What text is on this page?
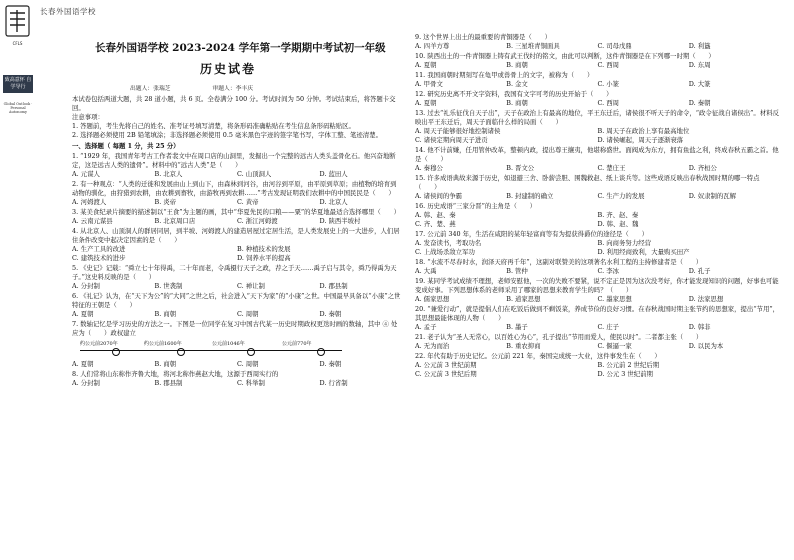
CFLS
致高意怀 自学导行
Global Outlook · Personal Autonomy
长春外国语学校
长春外国语学校 2023-2024 学年第一学期期中考试初一年级
历史试卷
出题人：张瑞芝	审题人：李丰庆

本试卷包括两道大题，共 28 道小题，共 6 页。全卷满分 100 分。考试时间为 50 分钟。考试结束后，将答题卡交回。

注意事项：

1. 答题前，考生先将自己的姓名、准考证号填写清楚，将条形码准确粘贴在考生信息条形码粘贴区。

2. 选择题必须使用 2B 铅笔填涂；非选择题必须使用 0.5 毫米黑色字迹的签字笔书写，字体工整、笔迹清楚。

一、选择题（ 每题 1 分，共 25 分）

1. “1929 年，我国青年考古工作者裴文中在周口店的山洞里，发掘出一个完整的远古人类头盖骨化石。他兴奋地断定，这是远古人类的遗骨”。材料中的“远古人类”是（　　）

A. 元谋人	B. 北京人	C. 山顶洞人	D. 蓝田人

2. 有一种观点：“人类的迁徙和发展由山上到山下，由森林到河谷，由河谷到平原，由平原到草原；由植物的培育到动物的驯化，由狩猎到农耕，由农耕到畜牧，由游牧再到农耕……”考古发现证明我们农耕中的中国民民是（　　）

A. 河姆渡人	B. 炎帝	C. 黄帝	D. 北京人

3. 某美食纪录片摘要的描述制以“王食”为主题的画，其中“华夏先民的口粮——粟”的华夏地最适合选择哪里（　　）

A. 云南元谋县	B. 北京周口店	C. 浙江河姆渡	D. 陕西半坡村

4. 从北京人、山顶洞人的群居同居，到半坡、河姆渡人的建造居屋过定居生活，是人类发展史上的一大进步，人们居住条件改变中起决定因素的是（　　）

A. 生产工具的改进	B. 种植技术的发展
C. 建筑技术的进步	D. 饲养水平的提高

5. 《史记》记载：“舜立七十年得禹，二十年而老，令禹摄行天子之政，荐之于天……禹子启与其令，舜乃得禹为天子。”这史料反映的是（　　）

A. 分封制	B. 世袭制	C. 禅让制	D. 郡县制

6. 《礼记》认为，在“天下为公”的“大同”之世之后，社会进入“天下为家”的“小康”之世。中国最早具备以“小康”之世特征的王朝是（　　）

A. 夏朝	B. 商朝	C. 周朝	D. 秦朝

7. 数轴记忆是学习历史的方法之一。下图是一位同学在复习中国古代某一历史时期政权更迭时画的数轴，其中 ④ 处应为（　　）政权建立

约公元前2070年	约公元前1600年	公元前1046年	公元前770年
A. 夏朝	B. 商朝	C. 周朝	D. 秦朝

8. 人们常将山东称作齐鲁大地，将河北称作燕赵大地，这源于西周实行的

A. 分封制	B. 郡县制	C. 科举制	D. 行省制

9. 这个世界上出土的最重要的青铜器是（　　）

A. 四羊方尊	B. 三星堆青铜面具	C. 司母戊鼎	D. 利簋

10. 陕西出土的一件青铜器上铸有武王伐纣的铭文，由此可以判断，这件青铜器是在下列哪一时期（　　）

A. 夏朝	B. 商朝	C. 西周	D. 东周

11. 我国商朝时期刻写在龟甲或兽骨上的文字，被称为（　　）

A. 甲骨文	B. 金文	C. 小篆	D. 大篆

12. 研究历史离不开文字资料，我国有文字可考的历史开始于（　　）

A. 夏朝	B. 商朝	C. 西周	D. 秦朝

13. 过去“礼乐征伐自天子出”，天子在政治上有最高的地位，平王东迁后，诸侯很不听天子的命令，“政令征战自诸侯出”。材料反映出平王东迁后，周天子面临什么样的局面（　　）

A. 周天子能够很好地控制诸侯	B. 周天子在政治上享有最高地位
C. 诸侯定期向周天子进贡	D. 诸侯崛起，周天子逐渐衰落

14. 他不计前嫌，任用管仲改革，整顿内政，提出尊王攘夷，他堪称盛世。面阀成为东方，拥有鱼盐之利，终成春秋五霸之首。他是（　　）

A. 秦穆公	B. 晋文公	C. 楚庄王	D. 齐桓公

15. 许多成语典故来源于历史，如退避三舍、卧薪尝胆、围魏救赵、纸上谈兵等。这些成语反映出春秋战国时期的哪一特点（　　）

A. 诸侯间的争霸	B. 封建制的确立	C. 生产力的发展	D. 奴隶制的瓦解

16. 历史成语“三家分晋”的主角是（　　）

A. 韩、赵、秦	B. 齐、赵、秦
C. 齐、楚、燕	D. 韩、赵、魏

17. 公元前 340 年，生活在咸阳的某年轻富商等有为提获得爵位的途径是（　　）

A. 发奋读书，考取功名	B. 向商务努力经营
C. 上战场杀敌立军功	D. 利用经商致利，大量购买田产

18. “水流不尽春时水，润泽天府再千年”，这副对联赞美的这项著名水利工程的主持修建者是（　　）

A. 大禹	B. 管仲	C. 李冰	D. 孔子

19. 某同学考试成绩不理想，老师安慰他，一次的失败不要紧，说不定正是因为这次没考好，你才能发现知识的问题，好事也可能变成好事。下列思想体系的老师采用了哪家的思想来教育学生的吗？（　　）

A. 儒家思想	B. 道家思想	C. 墨家思想	D. 法家思想

20. “兼爱行动”，就是提倡人们在吃饭后做到不剩饭菜，养成节俭的良好习惯。在春秋战国时期主张节约的思想家，提出“节用”，其思想最能体现的人物（　　）

A. 孟子	B. 墨子	C. 庄子	D. 韩非

21. 老子认为“圣人无常心，以百姓心为心”，孔子提出“节用而爱人，使民以时”。二者都主张（　　）

A. 无为而治	B. 重农抑商	C. 偃逼一家	D. 以民为本

22. 年代有助于历史记忆。公元前 221 年，秦国完成统一大业，这件事发生在（　　）

A. 公元前 3 世纪前期	B. 公元前 2 世纪后期
C. 公元前 3 世纪后期	D. 公元 3 世纪前期
